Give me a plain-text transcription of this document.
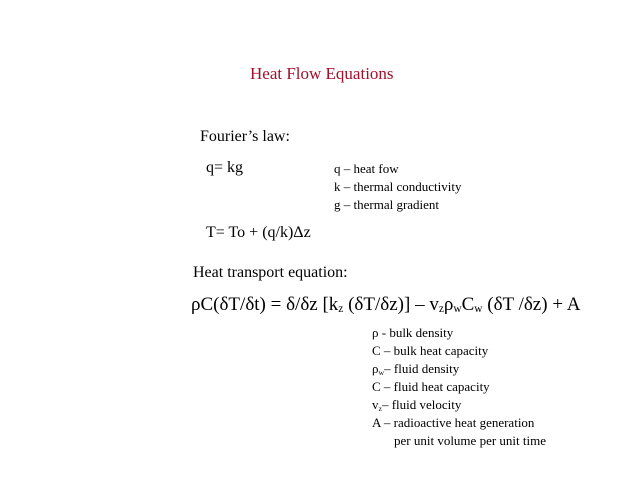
Heat Flow Equations
Fourier’s law:
q= kg	q – heat fow
k – thermal conductivity
g – thermal gradient
T= To + (q/k)Δz
Heat transport equation:
ρC(δT/δt) = δ/δz [$k_z$ $(\delta T/\delta z)] - v_z\rho_wC_w$ (δT /δz) + A
ρ - bulk density
C – bulk heat capacity
$\rho_w-$ fluid density
C – fluid heat capacity
$v_z-$ fluid velocity
A – radioactive heat generation
per unit volume per unit time
